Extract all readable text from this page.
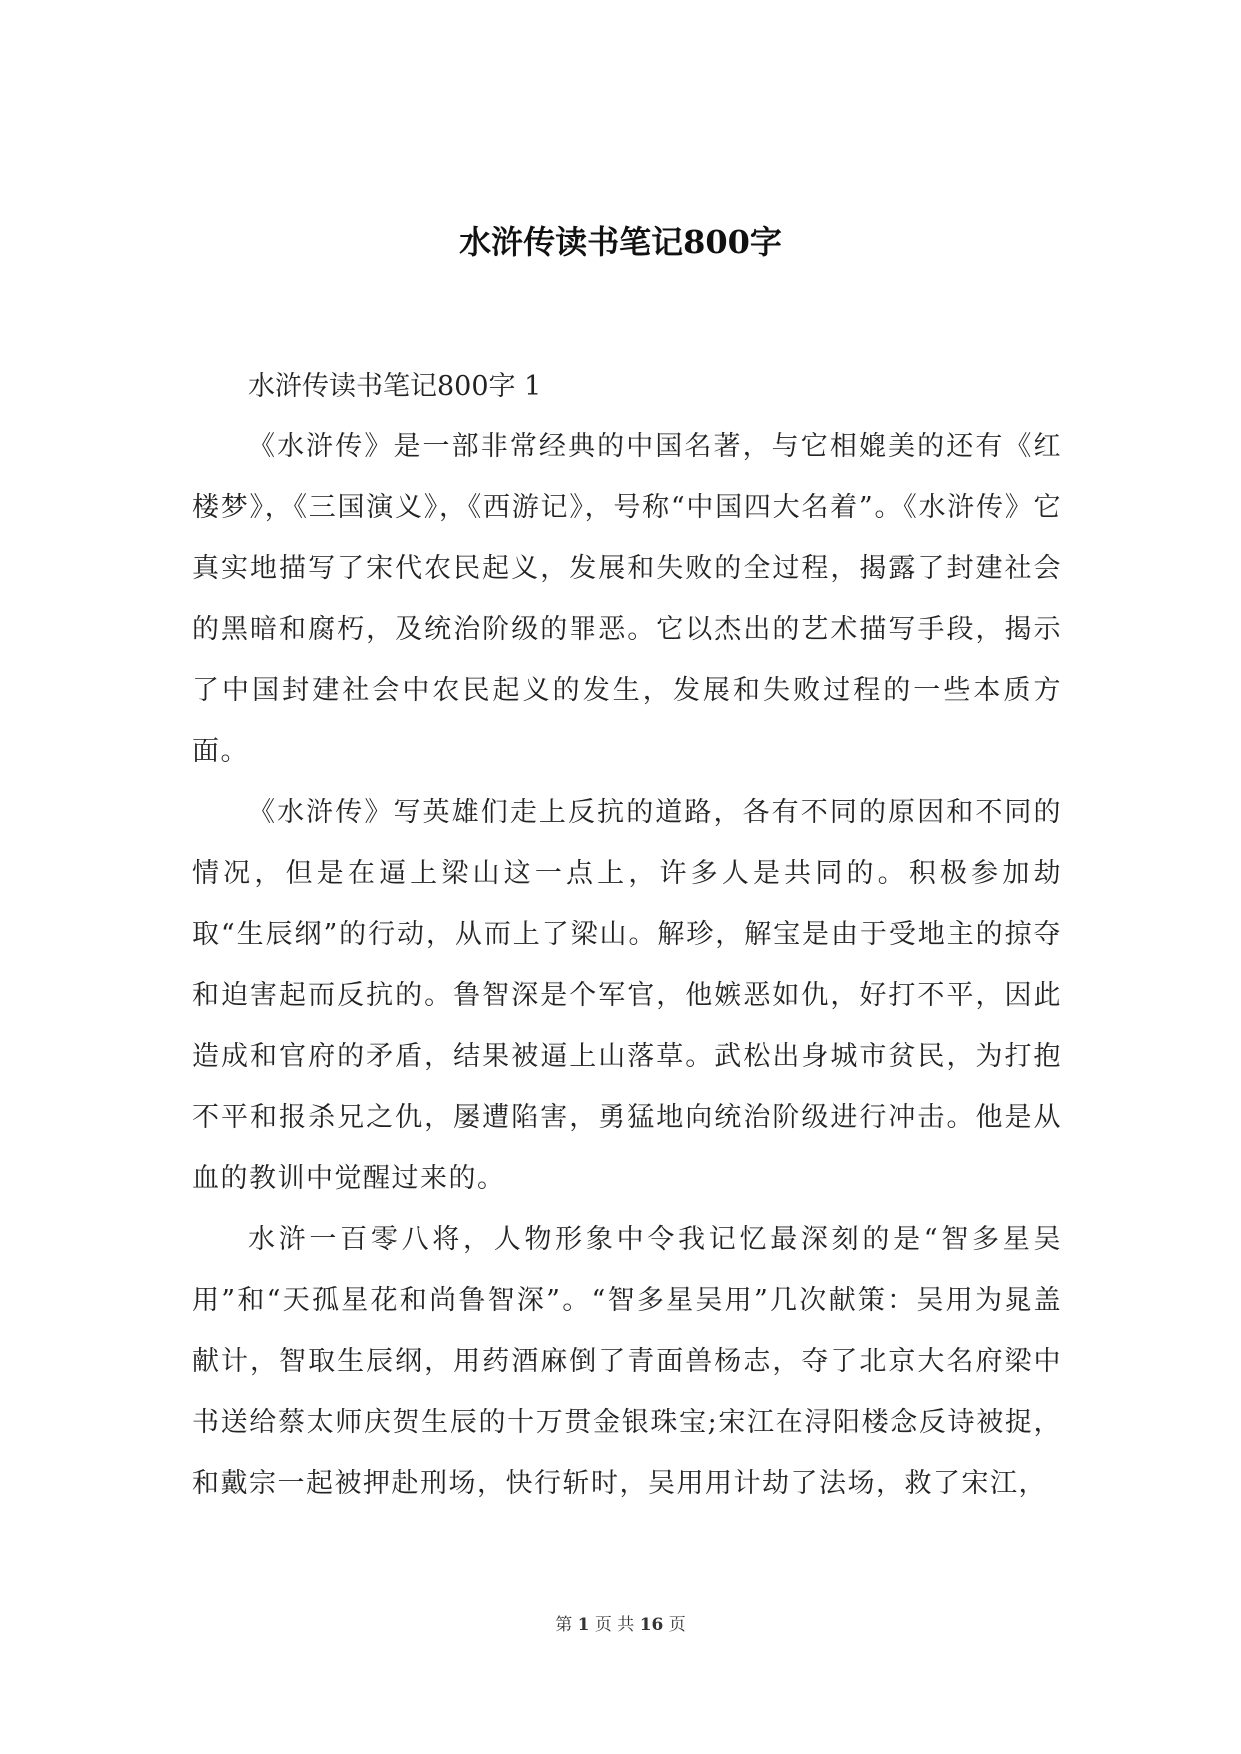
水浒传读书笔记800字

水浒传读书笔记800字 1

《水浒传》是一部非常经典的中国名著，与它相媲美的还有《红楼梦》，《三国演义》，《西游记》，号称“中国四大名着”。《水浒传》它真实地描写了宋代农民起义，发展和失败的全过程，揭露了封建社会的黑暗和腐朽，及统治阶级的罪恶。它以杰出的艺术描写手段，揭示了中国封建社会中农民起义的发生，发展和失败过程的一些本质方面。

《水浒传》写英雄们走上反抗的道路，各有不同的原因和不同的情况，但是在逼上梁山这一点上，许多人是共同的。积极参加劫取“生辰纲”的行动，从而上了梁山。解珍，解宝是由于受地主的掠夺和迫害起而反抗的。鲁智深是个军官，他嫉恶如仇，好打不平，因此造成和官府的矛盾，结果被逼上山落草。武松出身城市贫民，为打抱不平和报杀兄之仇，屡遭陷害，勇猛地向统治阶级进行冲击。他是从血的教训中觉醒过来的。

水浒一百零八将，人物形象中令我记忆最深刻的是“智多星吴用”和“天孤星花和尚鲁智深”。“智多星吴用”几次献策：吴用为晁盖献计，智取生辰纲，用药酒麻倒了青面兽杨志，夺了北京大名府梁中书送给蔡太师庆贺生辰的十万贯金银珠宝;宋江在浔阳楼念反诗被捉，和戴宗一起被押赴刑场，快行斩时，吴用用计劫了法场，救了宋江，

第 1 页 共 16 页
